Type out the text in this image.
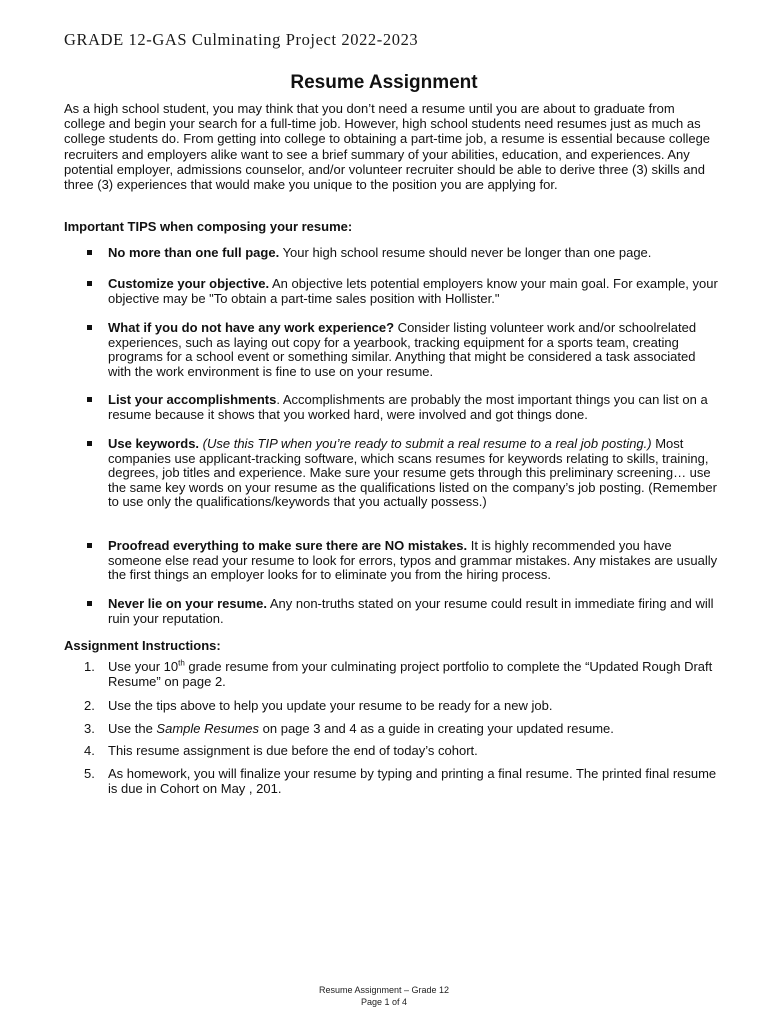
GRADE 12-GAS Culminating Project 2022-2023
Resume Assignment
As a high school student, you may think that you don’t need a resume until you are about to graduate from college and begin your search for a full-time job. However, high school students need resumes just as much as college students do. From getting into college to obtaining a part-time job, a resume is essential because college recruiters and employers alike want to see a brief summary of your abilities, education, and experiences. Any potential employer, admissions counselor, and/or volunteer recruiter should be able to derive three (3) skills and three (3) experiences that would make you unique to the position you are applying for.
Important TIPS when composing your resume:
No more than one full page. Your high school resume should never be longer than one page.
Customize your objective. An objective lets potential employers know your main goal. For example, your objective may be "To obtain a part-time sales position with Hollister."
What if you do not have any work experience? Consider listing volunteer work and/or schoolrelated experiences, such as laying out copy for a yearbook, tracking equipment for a sports team, creating programs for a school event or something similar. Anything that might be considered a task associated with the work environment is fine to use on your resume.
List your accomplishments. Accomplishments are probably the most important things you can list on a resume because it shows that you worked hard, were involved and got things done.
Use keywords. (Use this TIP when you’re ready to submit a real resume to a real job posting.) Most companies use applicant-tracking software, which scans resumes for keywords relating to skills, training, degrees, job titles and experience. Make sure your resume gets through this preliminary screening… use the same key words on your resume as the qualifications listed on the company’s job posting. (Remember to use only the qualifications/keywords that you actually possess.)
Proofread everything to make sure there are NO mistakes. It is highly recommended you have someone else read your resume to look for errors, typos and grammar mistakes. Any mistakes are usually the first things an employer looks for to eliminate you from the hiring process.
Never lie on your resume. Any non-truths stated on your resume could result in immediate firing and will ruin your reputation.
Assignment Instructions:
1. Use your 10th grade resume from your culminating project portfolio to complete the “Updated Rough Draft Resume” on page 2.
2. Use the tips above to help you update your resume to be ready for a new job.
3. Use the Sample Resumes on page 3 and 4 as a guide in creating your updated resume.
4. This resume assignment is due before the end of today’s cohort.
5. As homework, you will finalize your resume by typing and printing a final resume. The printed final resume is due in Cohort on May , 201.
Resume Assignment – Grade 12
Page 1 of 4
